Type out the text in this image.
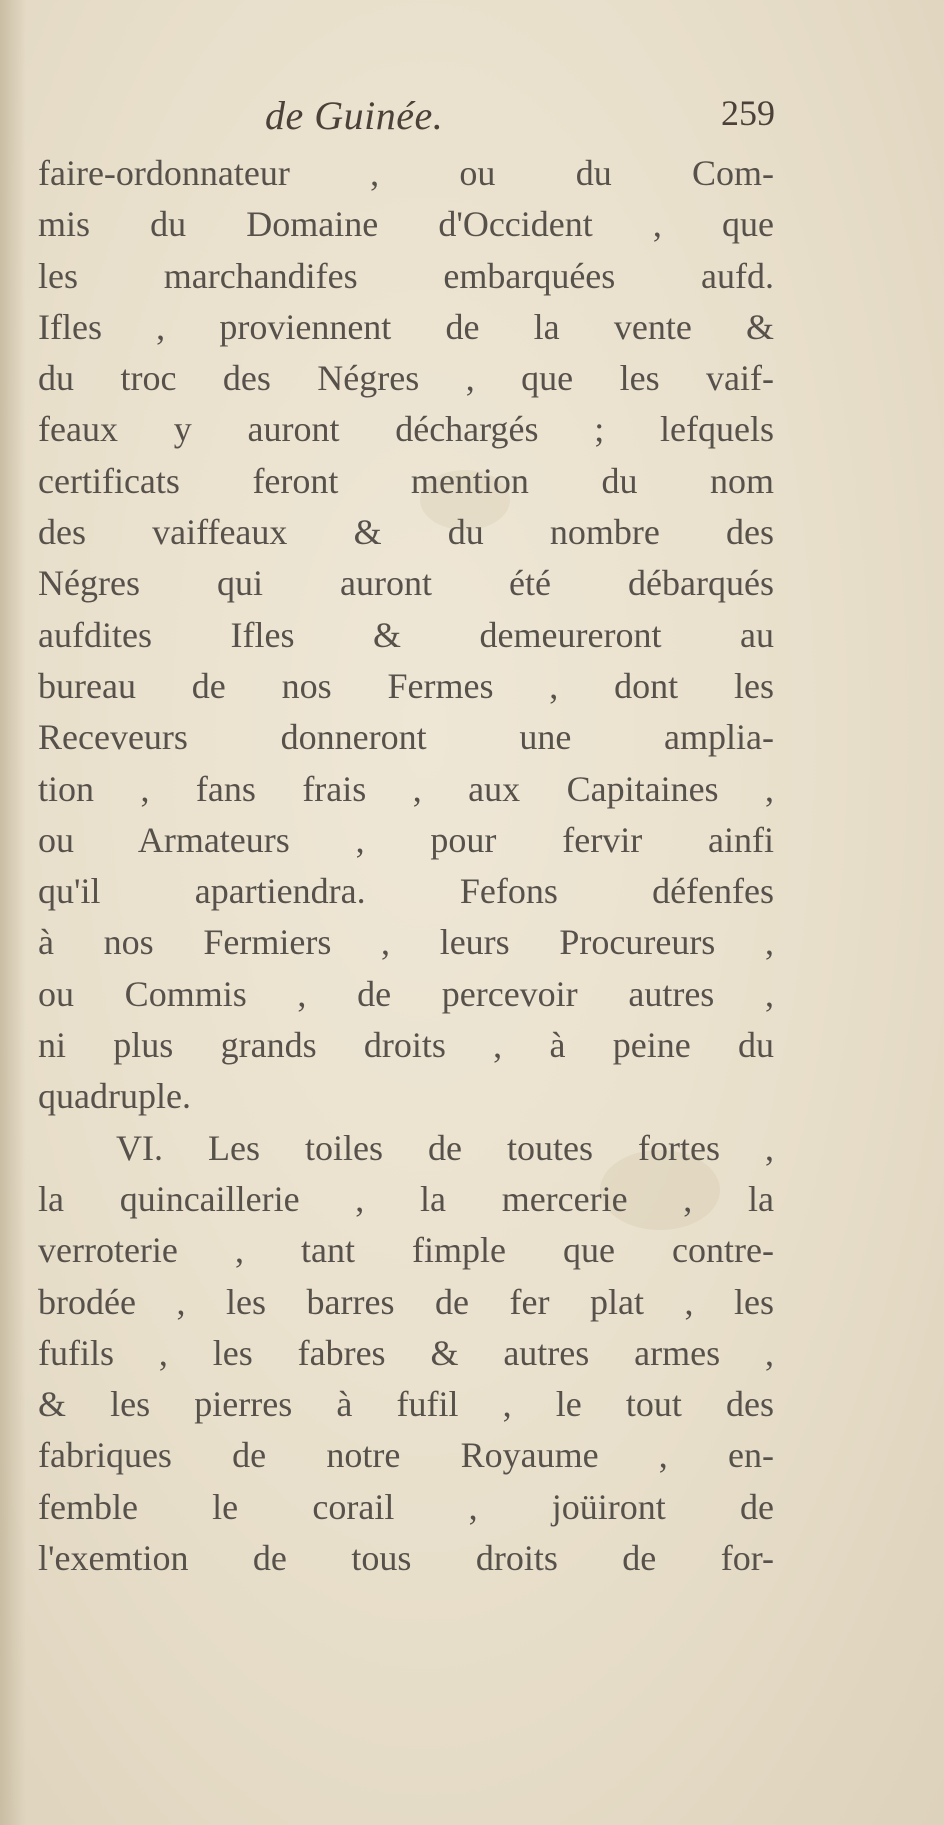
de Guinée.	259
faire-ordonnateur , ou du Com-
mis du Domaine d'Occident , que
les marchandifes embarquées aufd.
Ifles , proviennent de la vente &
du troc des Négres , que les vaif-
feaux y auront déchargés ; lefquels
certificats feront mention du nom
des vaiffeaux & du nombre des
Négres qui auront été débarqués
aufdites Ifles & demeureront au
bureau de nos Fermes , dont les
Receveurs donneront une amplia-
tion , fans frais , aux Capitaines ,
ou Armateurs , pour fervir ainfi
qu'il apartiendra. Fefons défenfes
à nos Fermiers , leurs Procureurs ,
ou Commis , de percevoir autres ,
ni plus grands droits , à peine du
quadruple.
VI. Les toiles de toutes fortes ,
la quincaillerie , la mercerie , la
verroterie , tant fimple que contre-
brodée , les barres de fer plat , les
fufils , les fabres & autres armes ,
& les pierres à fufil , le tout des
fabriques de notre Royaume , en-
femble le corail , joüiront de
l'exemtion de tous droits de for-
